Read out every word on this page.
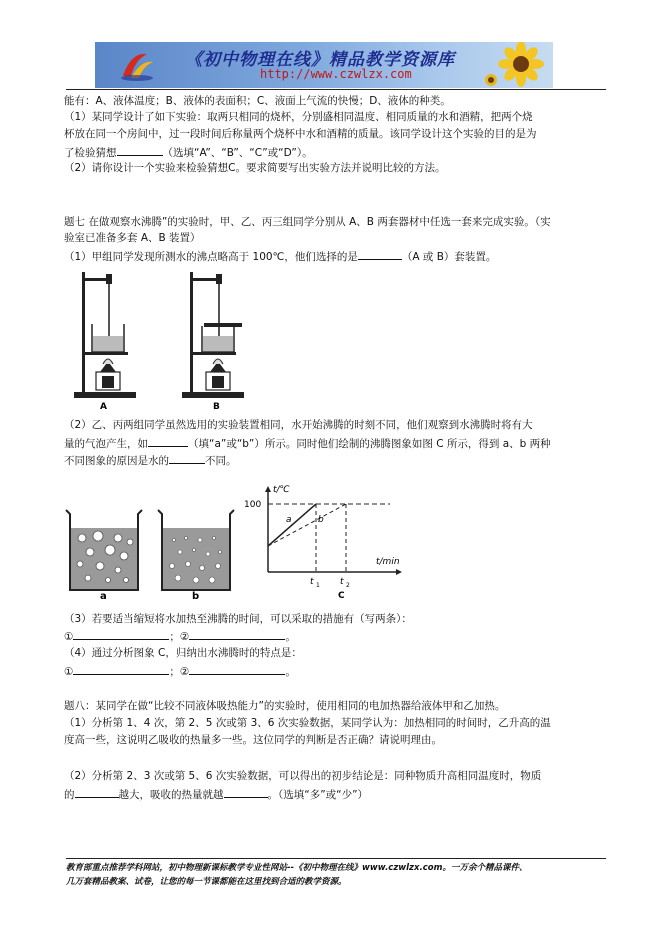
《初中物理在线》精品教学资源库
http://www.czwlzx.com
能有：A、液体温度；B、液体的表面积；C、液面上气流的快慢；D、液体的种类。
（1）某同学设计了如下实验：取两只相同的烧杯，分别盛相同温度、相同质量的水和酒精，把两个烧
杯放在同一个房间中，过一段时间后称量两个烧杯中水和酒精的质量。该同学设计这个实验的目的是为
了检验猜想	（选填“A”、“B”、“C”或“D”）。
（2）请你设计一个实验来检验猜想C。要求简要写出实验方法并说明比较的方法。
题七 在做观察水沸腾”的实验时，甲、乙、丙三组同学分别从 A、B 两套器材中任选一套来完成实验。（实
验室已准备多套 A、B 装置）
（1）甲组同学发现所测水的沸点略高于 100℃，他们选择的是	（A 或 B）套装置。
A	B
（2）乙、丙两组同学虽然选用的实验装置相同，水开始沸腾的时刻不同，他们观察到水沸腾时将有大
量的气泡产生，如	（填“a”或“b”）所示。同时他们绘制的沸腾图象如图 C 所示，得到 a、b 两种
不同图象的原因是水的	不同。
a	b
t/℃
t/min
100
a	b
t 1 t 2
C
（3）若要适当缩短将水加热至沸腾的时间，可以采取的措施有（写两条）：
①	；②	。
（4）通过分析图象 C，归纳出水沸腾时的特点是：
①	；②	。
题八：某同学在做“比较不同液体吸热能力”的实验时，使用相同的电加热器给液体甲和乙加热。
（1）分析第 1、4 次，第 2、5 次或第 3、6 次实验数据，某同学认为：加热相同的时间时，乙升高的温
度高一些，这说明乙吸收的热量多一些。这位同学的判断是否正确？请说明理由。
（2）分析第 2、3 次或第 5、6 次实验数据，可以得出的初步结论是：同种物质升高相同温度时，物质
的	越大，吸收的热量就越	。（选填“多”或“少”）
教育部重点推荐学科网站，初中物理新课标教学专业性网站--《初中物理在线》www.czwlzx.com。一万余个精品课件、
几万套精品教案、试卷，让您的每一节课都能在这里找到合适的教学资源。
